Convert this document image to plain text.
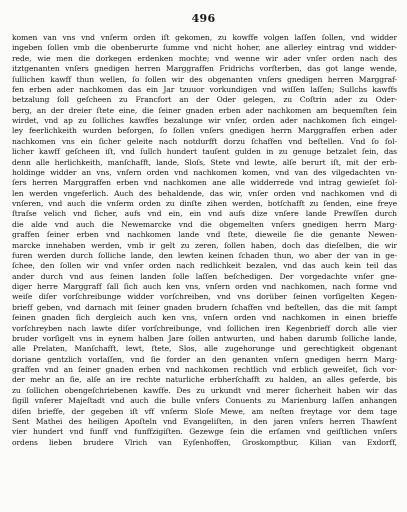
496
komen van vns vnd vnſerm orden iſt gekomen, zu kowffe volgen laſſen ſollen, vnd widder
ingeben ſollen vmb die obenberurte ſumme vnd nicht hoher, ane allerley eintrag vnd widder-
rede, wie men die dorkegen erdenken mochte; vnd wenne wir ader vnſer orden nach des
itztgenanten vnſers gnedigen herren Marggraffen Fridrichs vorſterben, das got lange wende,
ſullichen kawff thun wellen, ſo ſollen wir des obgenanten vnſers gnedigen herren Marggraf-
fen erben ader nachkomen das ein Jar tzuuor vorkundigen vnd wiſſen laſſen; Sullchs kawffs
betzalung ſoll geſcheen zu Francfort an der Oder gelegen, zu Coſtrin ader zu Oder-
berg, an der dreier ſtete eine, die ſeiner gnaden erben ader nachkomen am bequemſten ſein
wirdet, vnd ap zu ſolliches kawffes bezalunge wir vnſer, orden ader nachkomen ſich eingel-
ley feerlichkeith wurden beforgen, ſo ſollen vnſers gnedigen herrn Marggraffen erben ader
nachkomen vns ein ſicher geleite nach notdurfft dorzu ſchaffen vnd beſtellen. Vnd ſo ſol-
licher kawff geſcheen iſt, vnd ſullch hundert tauſent gulden in zu genuge betzalet ſein, das
denn alle herlichkeith, manſchafft, lande, Sloſs, Stete vnd lewte, alſe berurt iſt, mit der erb-
holdinge widder an vns, vnſern orden vnd nachkomen komen, vnd van des vilgedachten vn-
ſers herren Marggraffen erben vnd nachkomen ane alle widderrede vnd intrag gewieſet ſol-
len werden vngeferlich. Auch des behaldende, das wir, vnſer orden vnd nachkomen vnd di
vnſeren, vnd auch die vnſerm orden zu dinſte zihen werden, botſchafft zu ſenden, eine freye
ſtraſse velich vnd ſicher, aufs vnd ein, ein vnd aufs dize vnſere lande Prewſſen durch
die alde vnd auch die Newemarcke vnd die obgemelten vnſers gnedigen herrn Marg-
graffen ſeiner erben vnd nachkomen lande vnd ſtete, dieweile ſie die genante Newen-
marcke innehaben werden, vmb ir gelt zu zeren, ſollen haben, doch das dieſelben, die wir
furen werden durch ſolliche lande, den lewten keinen ſchaden thun, wo aber der van in ge-
ſchee, den ſollen wir vnd vnſer orden nach redlichkeit bezalen, vnd das auch kein teil das
ander durch vnd aus ſeinen landen ſolle laſſen beſchedigen. Der vorgedachte vnſer gne-
diger herre Marggraff ſall ſich auch ken vns, vnſern orden vnd nachkomen, nach forme vnd
weiſe diſer vorſchreibunge widder vorſchreiben, vnd vns dorüber ſeinen vorſigelten Kegen-
brieff geben, vnd darnach mit ſeiner gnaden brudern ſchaffen vnd beſtellen, das die mit ſampt
ſeinen gnaden ſich dergleich auch ken vns, vnſern orden vnd nachkomen in einen brieffe
vorſchreyben nach lawte diſer vorſchreibunge, vnd ſollichen iren Kegenbrieff dorch alle vier
bruder vorſigelt vns in eynem halben Jare ſollen antwurten, und haben darumb ſolliche lande,
alle Prelaten, Manſchafft, lewt, ſtete, Slos, alle zugehorunge und gerechtigkeit obgenant
doriane gentzlich vorlaſſen, vnd ſie forder an den genanten vnſern gnedigen herrn Marg-
graffen vnd an ſeiner gnaden erben vnd nachkomen rechtlich vnd erblich geweiſet, ſich vor-
der mehr an ſie, alſe an ire rechte naturliche erbherſchafft zu halden, an alles geferde, bis
zu ſollichen obengeſchriebenen kawffe. Des zu urkundt vnd merer ſicherheit haben wir das
ſigill vnſerer Majeſtadt vnd auch die bulle vnſers Conuents zu Marienburg laſſen anhangen
diſen brieffe, der gegeben iſt vff vnſerm Sloſe Mewe, am neſten freytage vor dem tage
Sent Mathei des heiligen Apoſteln vnd Evangeliſten, in den jaren vnſers herren Thawſent
vier hundert vnd funff vnd funffzigiſten. Gezewge ſein die erſamen vnd geiſtlichen vnſers
ordens lieben brudere Vlrich van Eyſenhoffen, Groskomptbur, Kilian van Exdorff,
